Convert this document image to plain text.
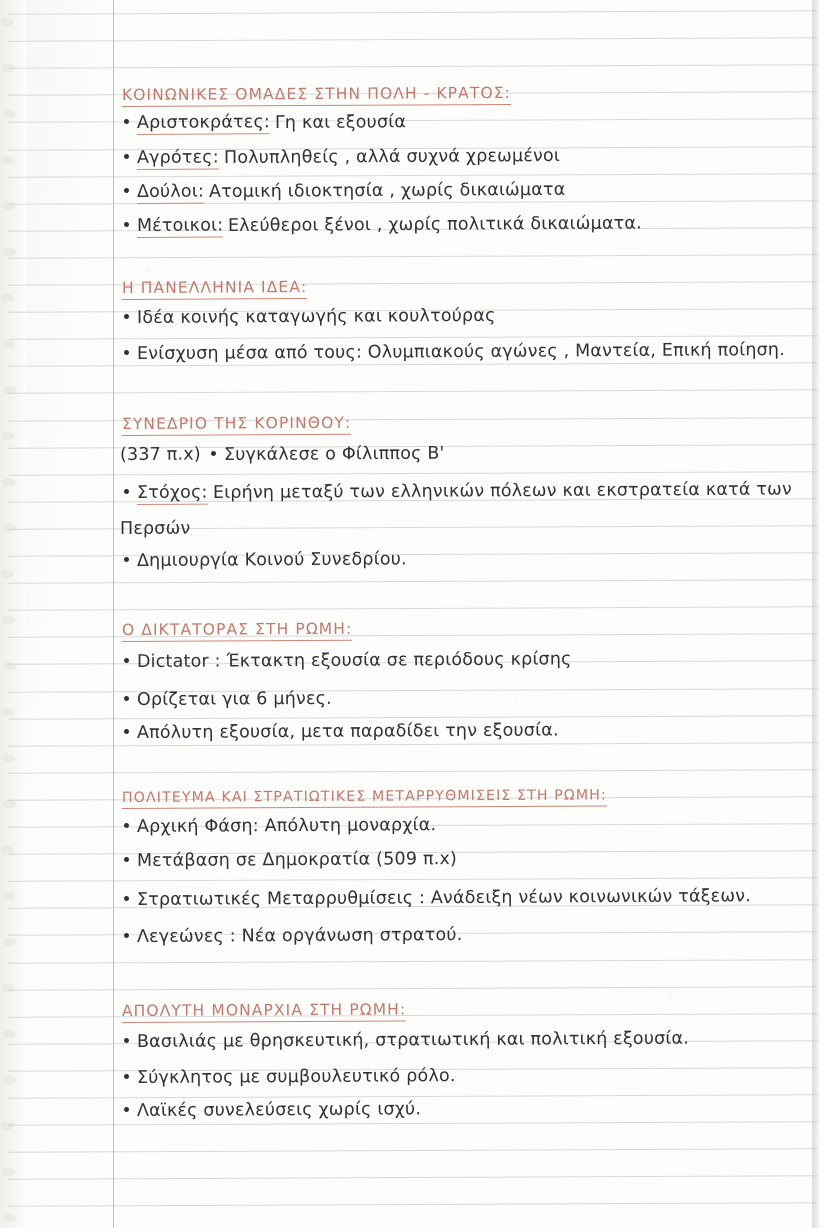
ΚΟΙΝΩΝΙΚΕΣ ΟΜΑΔΕΣ ΣΤΗΝ ΠΟΛΗ - ΚΡΑΤΟΣ:
Αριστοκράτες: Γη και εξουσία
Αγρότες: Πολυπληθείς , αλλά συχνά χρεωμένοι
Δούλοι: Ατομική ιδιοκτησία , χωρίς δικαιώματα
Μέτοικοι: Ελεύθεροι ξένοι , χωρίς πολιτικά δικαιώματα.
Η ΠΑΝΕΛΛΗΝΙΑ ΙΔΕΑ:
Ιδέα κοινής καταγωγής και κουλτούρας
Ενίσχυση μέσα από τους: Ολυμπιακούς αγώνες , Μαντεία, Επική ποίηση.
ΣΥΝΕΔΡΙΟ ΤΗΣ ΚΟΡΙΝΘΟΥ:
(337 π.x) Συγκάλεσε ο Φίλιππος Β'
Στόχος: Ειρήνη μεταξύ των ελληνικών πόλεων και εκστρατεία κατά των
Περσών
Δημιουργία Κοινού Συνεδρίου.
Ο ΔΙΚΤΑΤΟΡΑΣ ΣΤΗ ΡΩΜΗ:
Dictator : Έκτακτη εξουσία σε περιόδους κρίσης
Ορίζεται για 6 μήνες.
Απόλυτη εξουσία, μετα παραδίδει την εξουσία.
ΠΟΛΙΤΕΥΜΑ ΚΑΙ ΣΤΡΑΤΙΩΤΙΚΕΣ ΜΕΤΑΡΡΥΘΜΙΣΕΙΣ ΣΤΗ ΡΩΜΗ:
Αρχική Φάση: Απόλυτη μοναρχία.
Μετάβαση σε Δημοκρατία (509 π.x)
Στρατιωτικές Μεταρρυθμίσεις : Ανάδειξη νέων κοινωνικών τάξεων.
Λεγεώνες : Νέα οργάνωση στρατού.
ΑΠΟΛΥΤΗ ΜΟΝΑΡΧΙΑ ΣΤΗ ΡΩΜΗ:
Βασιλιάς με θρησκευτική, στρατιωτική και πολιτική εξουσία.
Σύγκλητος με συμβουλευτικό ρόλο.
Λαϊκές συνελεύσεις χωρίς ισχύ.
